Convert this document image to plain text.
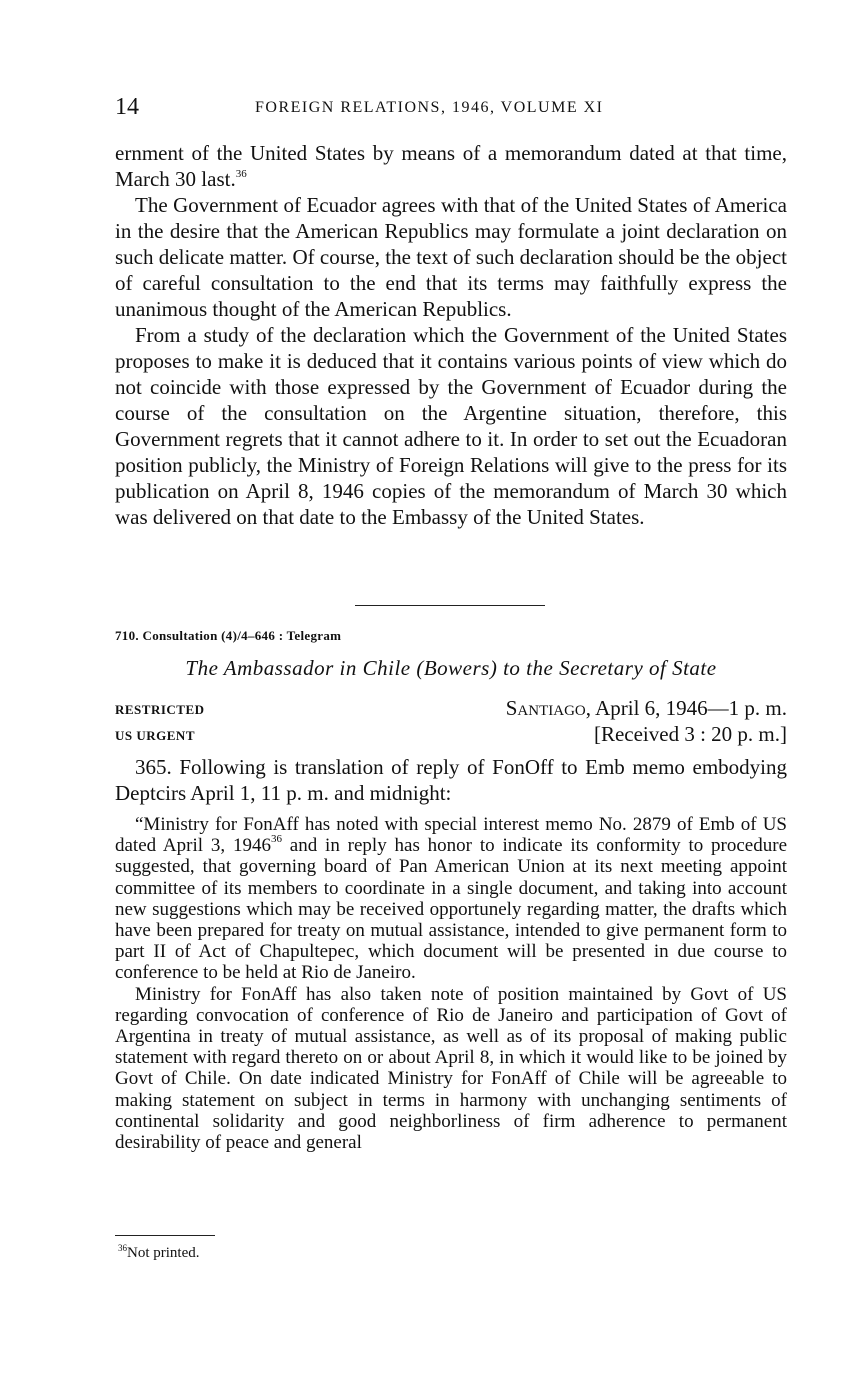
14	FOREIGN RELATIONS, 1946, VOLUME XI

ernment of the United States by means of a memorandum dated at that time, March 30 last.$^{36}$

The Government of Ecuador agrees with that of the United States of America in the desire that the American Republics may formulate a joint declaration on such delicate matter. Of course, the text of such declaration should be the object of careful consultation to the end that its terms may faithfully express the unanimous thought of the American Republics.

From a study of the declaration which the Government of the United States proposes to make it is deduced that it contains various points of view which do not coincide with those expressed by the Government of Ecuador during the course of the consultation on the Argentine situation, therefore, this Government regrets that it cannot adhere to it. In order to set out the Ecuadoran position publicly, the Ministry of Foreign Relations will give to the press for its publication on April 8, 1946 copies of the memorandum of March 30 which was delivered on that date to the Embassy of the United States.

710. Consultation (4)/4–646 : Telegram
The Ambassador in Chile (Bowers) to the Secretary of State
RESTRICTED	Santiago, April 6, 1946—1 p. m.
US URGENT	[Received 3 : 20 p. m.]

365. Following is translation of reply of FonOff to Emb memo embodying Deptcirs April 1, 11 p. m. and midnight:

“Ministry for FonAff has noted with special interest memo No. 2879 of Emb of US dated April 3, 1946$^{36}$ and in reply has honor to indicate its conformity to procedure suggested, that governing board of Pan American Union at its next meeting appoint committee of its members to coordinate in a single document, and taking into account new suggestions which may be received opportunely regarding matter, the drafts which have been prepared for treaty on mutual assistance, intended to give permanent form to part II of Act of Chapultepec, which document will be presented in due course to conference to be held at Rio de Janeiro.

Ministry for FonAff has also taken note of position maintained by Govt of US regarding convocation of conference of Rio de Janeiro and participation of Govt of Argentina in treaty of mutual assistance, as well as of its proposal of making public statement with regard thereto on or about April 8, in which it would like to be joined by Govt of Chile. On date indicated Ministry for FonAff of Chile will be agreeable to making statement on subject in terms in harmony with unchanging sentiments of continental solidarity and good neighborliness of firm adherence to permanent desirability of peace and general

$^{36}$Not printed.
